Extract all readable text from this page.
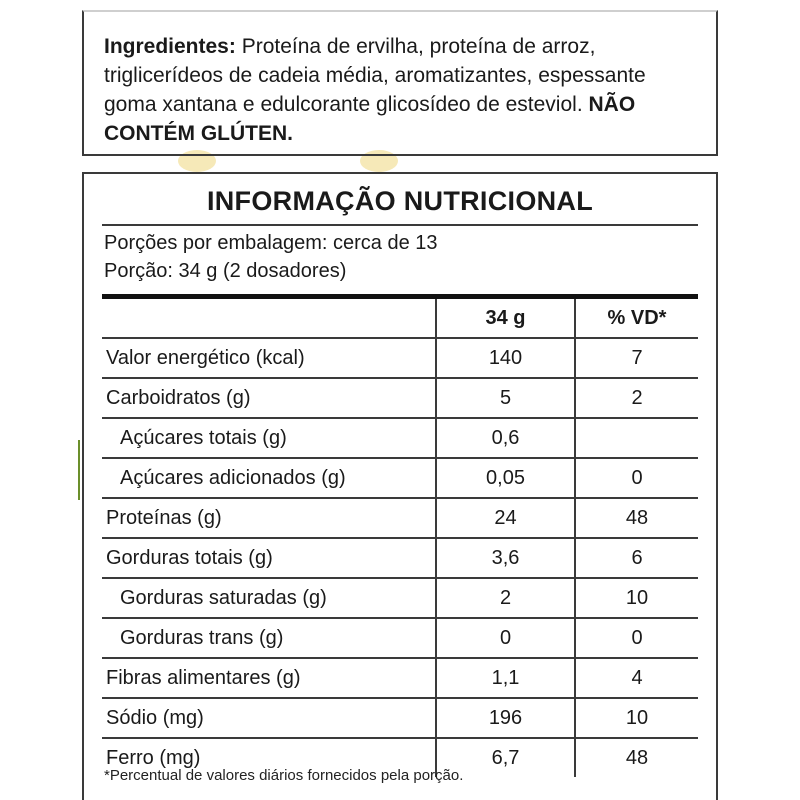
Ingredientes: Proteína de ervilha, proteína de arroz, triglicerídeos de cadeia média, aromatizantes, espessante goma xantana e edulcorante glicosídeo de esteviol. NÃO CONTÉM GLÚTEN.
INFORMAÇÃO NUTRICIONAL
Porções por embalagem: cerca de 13
Porção: 34 g (2 dosadores)
	34 g	% VD*
Valor energético (kcal)	140	7
Carboidratos (g)	5	2
Açúcares totais (g)	0,6	
Açúcares adicionados (g)	0,05	0
Proteínas (g)	24	48
Gorduras totais (g)	3,6	6
Gorduras saturadas (g)	2	10
Gorduras trans (g)	0	0
Fibras alimentares (g)	1,1	4
Sódio (mg)	196	10
Ferro (mg)	6,7	48
*Percentual de valores diários fornecidos pela porção.
